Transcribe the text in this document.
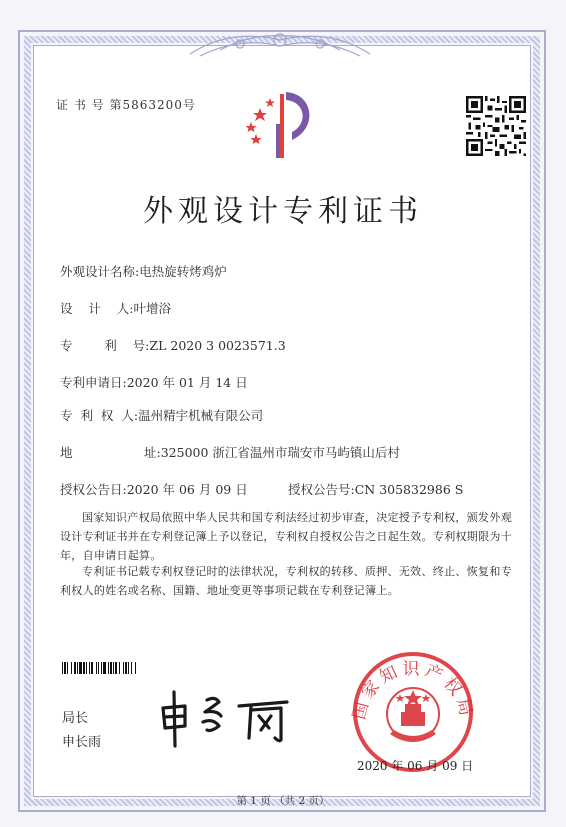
证 书 号 第5863200号
外观设计专利证书
外观设计名称:电热旋转烤鸡炉
设    计    人:叶增浴
专        利    号:ZL 2020 3 0023571.3
专利申请日:2020 年 01 月 14 日
专  利  权  人:温州精宇机械有限公司
地                  址:325000 浙江省温州市瑞安市马屿镇山后村
授权公告日:2020 年 06 月 09 日	授权公告号:CN 305832986 S
国家知识产权局依照中华人民共和国专利法经过初步审查，决定授予专利权，颁发外观设计专利证书并在专利登记簿上予以登记，专利权自授权公告之日起生效。专利权期限为十年，自申请日起算。
专利证书记载专利权登记时的法律状况，专利权的转移、质押、无效、终止、恢复和专利权人的姓名或名称、国籍、地址变更等事项记载在专利登记簿上。
局长
申长雨
国家知识产权局
2020 年 06 月 09 日
第 1 页 （共 2 页）
